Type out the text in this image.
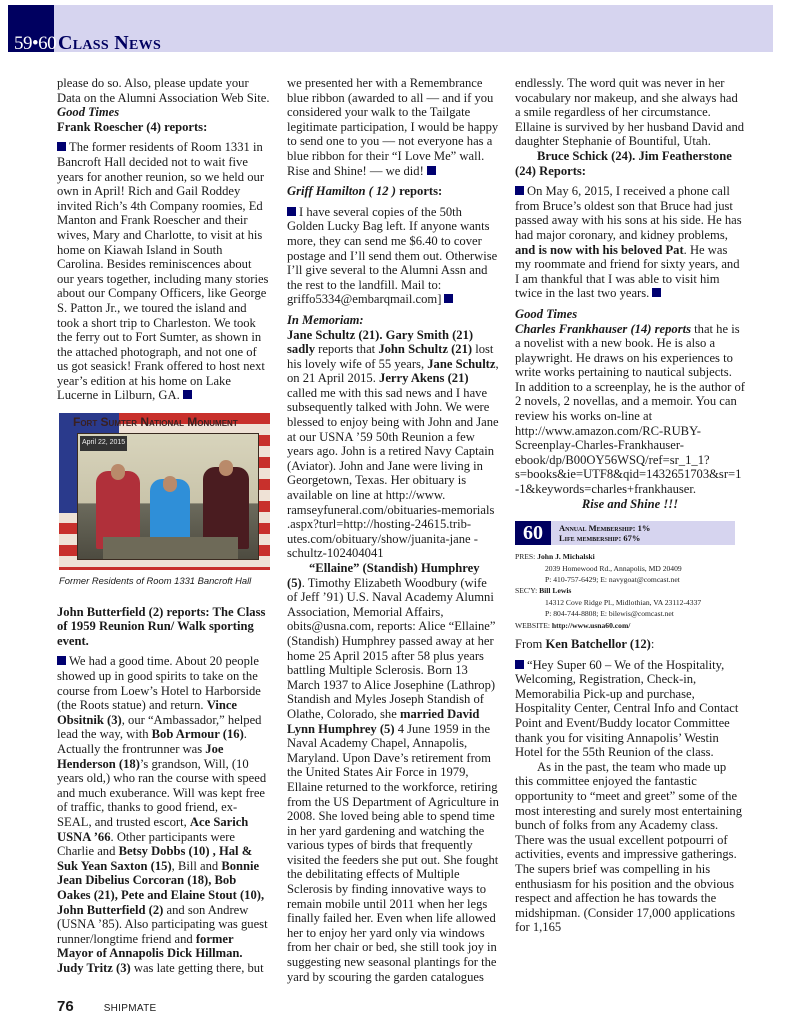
59•60 Class News

please do so. Also, please update your Data on the Alumni Association Web Site.

Good Times

Frank Roescher (4) reports:

The former residents of Room 1331 in Bancroft Hall decided not to wait five years for another reunion, so we held our own in April! Rich and Gail Roddey invited Rich’s 4th Company roomies, Ed Manton and Frank Roescher and their wives, Mary and Charlotte, to visit at his home on Kiawah Island in South Carolina. Besides reminiscences about our years together, including many stories about our Company Officers, like George S. Patton Jr., we toured the island and took a short trip to Charleston. We took the ferry out to Fort Sumter, as shown in the attached photograph, and not one of us got seasick! Frank offered to host next year’s edition at his home on Lake Lucerne in Lilburn, GA.

Fort Sumter National Monument
April 22, 2015
Former Residents of Room 1331 Bancroft Hall

John Butterfield (2) reports: The Class of 1959 Reunion Run/ Walk sporting event.

We had a good time. About 20 people showed up in good spirits to take on the course from Loew’s Hotel to Harborside (the Roots statue) and return. Vince Obsitnik (3), our “Ambassador,” helped lead the way, with Bob Armour (16). Actually the frontrunner was Joe Henderson (18)’s grandson, Will, (10 years old,) who ran the course with speed and much exuberance. Will was kept free of traffic, thanks to good friend, ex-SEAL, and trusted escort, Ace Sarich USNA ’66. Other participants were Charlie and Betsy Dobbs (10) , Hal & Suk Yean Saxton (15), Bill and Bonnie Jean Dibelius Corcoran (18), Bob Oakes (21), Pete and Elaine Stout (10), John Butterfield (2) and son Andrew (USNA ’85). Also participating was guest runner/longtime friend and former Mayor of Annapolis Dick Hillman. Judy Tritz (3) was late getting there, but

we presented her with a Remembrance blue ribbon (awarded to all — and if you considered your walk to the Tailgate legitimate participation, I would be happy to send one to you — not everyone has a blue ribbon for their “I Love Me” wall. Rise and Shine! — we did!

Griff Hamilton ( 12 ) reports:

I have several copies of the 50th Golden Lucky Bag left. If anyone wants more, they can send me $6.40 to cover postage and I’ll send them out. Otherwise I’ll give several to the Alumni Assn and the rest to the landfill. Mail to: griffo5334@embarqmail.com]

In Memoriam:

Jane Schultz (21). Gary Smith (21) sadly reports that John Schultz (21) lost his lovely wife of 55 years, Jane Schultz, on 21 April 2015. Jerry Akens (21) called me with this sad news and I have subsequently talked with John. We were blessed to enjoy being with John and Jane at our USNA ’59 50th Reunion a few years ago. John is a retired Navy Captain (Aviator). John and Jane were living in Georgetown, Texas. Her obituary is available on line at http://www. ramseyfuneral.com/obituaries-memorials .aspx?turl=http://hosting-24615.trib-utes.com/obituary/show/juanita-jane -schultz-102404041

“Ellaine” (Standish) Humphrey (5). Timothy Elizabeth Woodbury (wife of Jeff ’91) U.S. Naval Academy Alumni Association, Memorial Affairs, obits@usna.com, reports: Alice “Ellaine” (Standish) Humphrey passed away at her home 25 April 2015 after 58 plus years battling Multiple Sclerosis. Born 13 March 1937 to Alice Josephine (Lathrop) Standish and Myles Joseph Standish of Olathe, Colorado, she married David Lynn Humphrey (5) 4 June 1959 in the Naval Academy Chapel, Annapolis, Maryland. Upon Dave’s retirement from the United States Air Force in 1979, Ellaine returned to the workforce, retiring from the US Department of Agriculture in 2008. She loved being able to spend time in her yard gardening and watching the various types of birds that frequently visited the feeders she put out. She fought the debilitating effects of Multiple Sclerosis by finding innovative ways to remain mobile until 2011 when her legs finally failed her. Even when life allowed her to enjoy her yard only via windows from her chair or bed, she still took joy in suggesting new seasonal plantings for the yard by scouring the garden catalogues

endlessly. The word quit was never in her vocabulary nor makeup, and she always had a smile regardless of her circumstance. Ellaine is survived by her husband David and daughter Stephanie of Bountiful, Utah.

Bruce Schick (24). Jim Featherstone (24) Reports:

On May 6, 2015, I received a phone call from Bruce’s oldest son that Bruce had just passed away with his sons at his side. He has had major coronary, and kidney problems, and is now with his beloved Pat. He was my roommate and friend for sixty years, and I am thankful that I was able to visit him twice in the last two years.

Good Times

Charles Frankhauser (14) reports that he is a novelist with a new book. He is also a playwright. He draws on his experiences to write works pertaining to nautical subjects. In addition to a screenplay, he is the author of 2 novels, 2 novellas, and a memoir. You can review his works on-line at http://www.amazon.com/RC-RUBY-Screenplay-Charles-Frankhauser-ebook/dp/B00OY56WSQ/ref=sr_1_1?s=books&ie=UTF8&qid=1432651703&sr=1-1&keywords=charles+frankhauser.

Rise and Shine !!!

60	Annual Membership: 1%
Life membership: 67%
PRES: John J. Michalski
2039 Homewood Rd., Annapolis, MD 20409
P: 410-757-6429; E: navygoat@comcast.net
SEC'Y: Bill Lewis
14312 Cove Ridge Pl., Midlothian, VA 23112-4337
P: 804-744-8808; E: bilewis@comcast.net
WEBSITE: http://www.usna60.com/

From Ken Batchellor (12):

“Hey Super 60 – We of the Hospitality, Welcoming, Registration, Check-in, Memorabilia Pick-up and purchase, Hospitality Center, Central Info and Contact Point and Event/Buddy locator Committee thank you for visiting Annapolis’ Westin Hotel for the 55th Reunion of the class.

As in the past, the team who made up this committee enjoyed the fantastic opportunity to “meet and greet” some of the most interesting and surely most entertaining bunch of folks from any Academy class. There was the usual excellent potpourri of activities, events and impressive gatherings. The supers brief was compelling in his enthusiasm for his position and the obvious respect and affection he has towards the midshipman. (Consider 17,000 applications for 1,165

76	SHIPMATE
